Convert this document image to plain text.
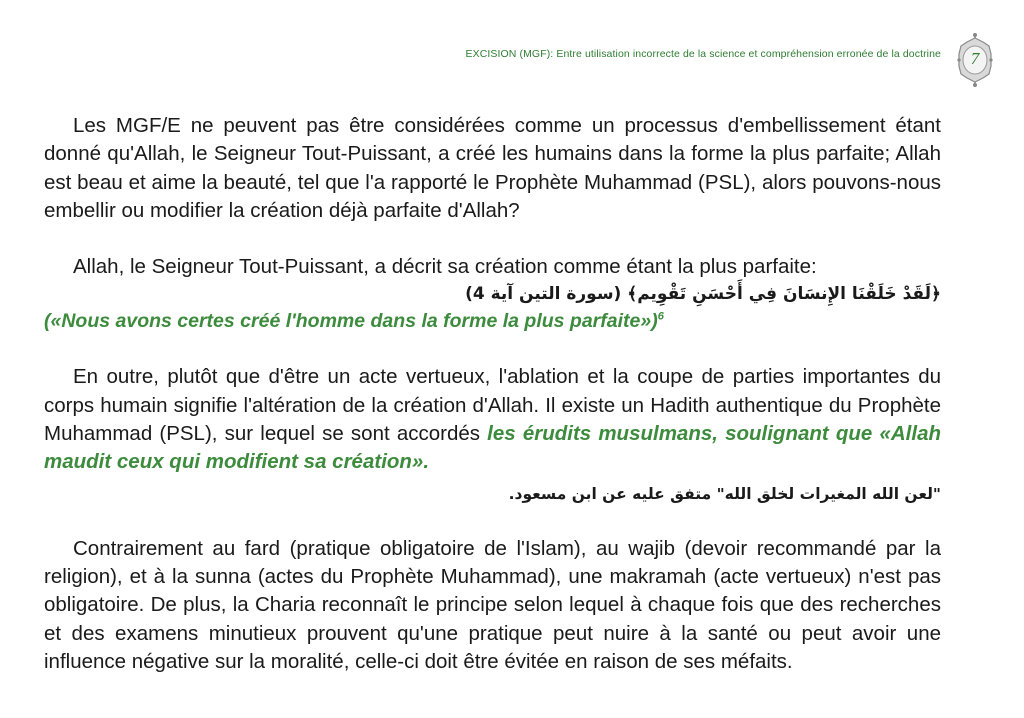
EXCISION (MGF): Entre utilisation incorrecte de la science et compréhension erronée de la doctrine	7

Les MGF/E ne peuvent pas être considérées comme un processus d'embellissement étant donné qu'Allah, le Seigneur Tout-Puissant, a créé les humains dans la forme la plus parfaite; Allah est beau et aime la beauté, tel que l'a rapporté le Prophète Muhammad (PSL), alors pouvons-nous embellir ou modifier la création déjà parfaite d'Allah?

Allah, le Seigneur Tout-Puissant, a décrit sa création comme étant la plus parfaite:

﴿لَقَدْ خَلَقْنَا الإِنسَانَ فِي أَحْسَنِ تَقْوِيم﴾ (سورة التين آية 4)

(«Nous avons certes créé l'homme dans la forme la plus parfaite»)$^6$

En outre, plutôt que d'être un acte vertueux, l'ablation et la coupe de parties importantes du corps humain signifie l'altération de la création d'Allah. Il existe un Hadith authentique du Prophète Muhammad (PSL), sur lequel se sont accordés les érudits musulmans, soulignant que «Allah maudit ceux qui modifient sa création».

"لعن الله المغيرات لخلق الله" متفق عليه عن ابن مسعود.

Contrairement au fard (pratique obligatoire de l'Islam), au wajib (devoir recommandé par la religion), et à la sunna (actes du Prophète Muhammad), une makramah (acte vertueux) n'est pas obligatoire. De plus, la Charia reconnaît le principe selon lequel à chaque fois que des recherches et des examens minutieux prouvent qu'une pratique peut nuire à la santé ou peut avoir une influence négative sur la moralité, celle-ci doit être évitée en raison de ses méfaits.
